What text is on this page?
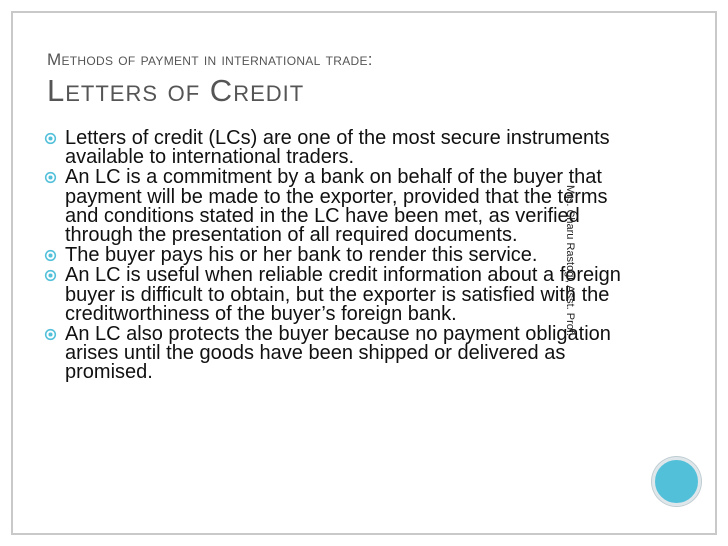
Methods of payment in international trade:

Letters of Credit
Letters of credit (LCs) are one of the most secure instruments available to international traders.
An LC is a commitment by a bank on behalf of the buyer that payment will be made to the exporter, provided that the terms and conditions stated in the LC have been met, as verified through the presentation of all required documents.
The buyer pays his or her bank to render this service.
An LC is useful when reliable credit information about a foreign buyer is difficult to obtain, but the exporter is satisfied with the creditworthiness of the buyer’s foreign bank.
An LC also protects the buyer because no payment obligation arises until the goods have been shipped or delivered as promised.
Mrs. Charu Rastogi, Asst. Prof.
